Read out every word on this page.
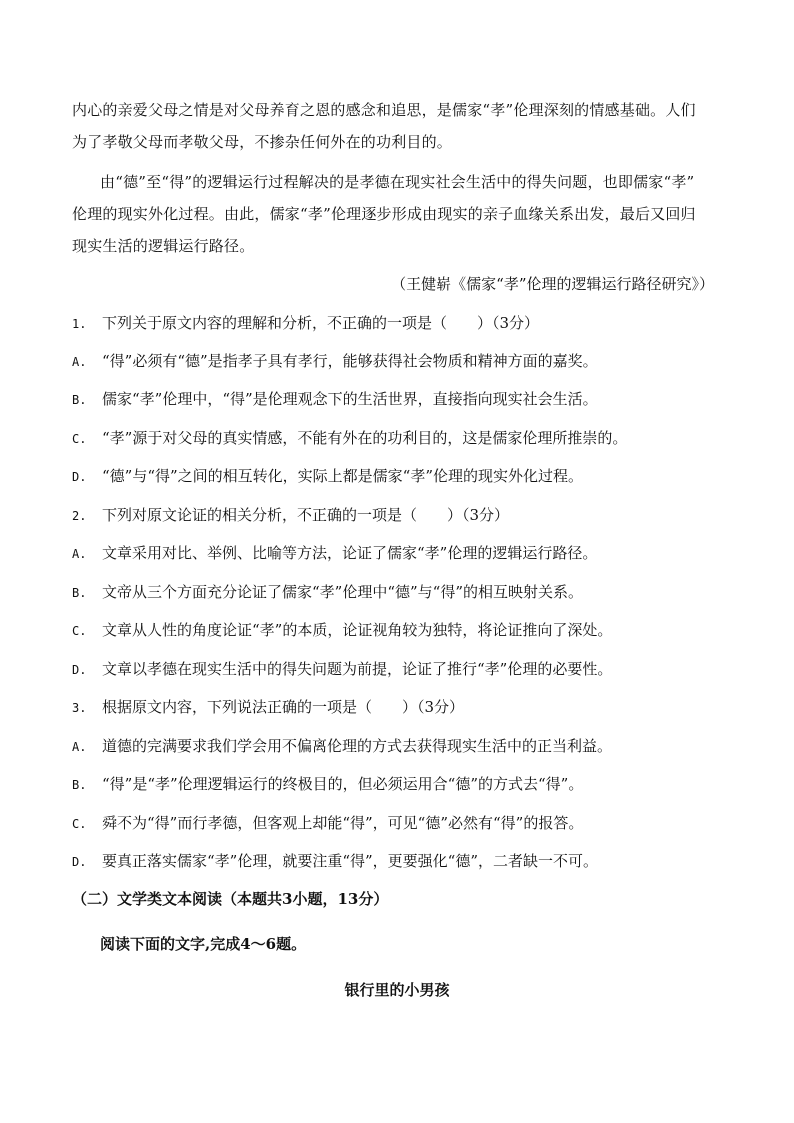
内心的亲爱父母之情是对父母养育之恩的感念和追思，是儒家“孝”伦理深刻的情感基础。人们
为了孝敬父母而孝敬父母，不掺杂任何外在的功利目的。
由“德”至“得”的逻辑运行过程解决的是孝德在现实社会生活中的得失问题，也即儒家“孝”
伦理的现实外化过程。由此，儒家“孝”伦理逐步形成由现实的亲子血缘关系出发，最后又回归
现实生活的逻辑运行路径。
（王健崭《儒家“孝”伦理的逻辑运行路径研究》）
1. 下列关于原文内容的理解和分析，不正确的一项是（　　）（3分）
A. “得”必须有“德”是指孝子具有孝行，能够获得社会物质和精神方面的嘉奖。
B. 儒家“孝”伦理中，“得”是伦理观念下的生活世界，直接指向现实社会生活。
C. “孝”源于对父母的真实情感，不能有外在的功利目的，这是儒家伦理所推崇的。
D. “德”与“得”之间的相互转化，实际上都是儒家“孝”伦理的现实外化过程。
2. 下列对原文论证的相关分析，不正确的一项是（　　）（3分）
A. 文章采用对比、举例、比喻等方法，论证了儒家“孝”伦理的逻辑运行路径。
B. 文帝从三个方面充分论证了儒家“孝”伦理中“德”与“得”的相互映射关系。
C. 文章从人性的角度论证“孝”的本质，论证视角较为独特，将论证推向了深处。
D. 文章以孝德在现实生活中的得失问题为前提，论证了推行“孝”伦理的必要性。
3. 根据原文内容，下列说法正确的一项是（　　）（3分）
A. 道德的完满要求我们学会用不偏离伦理的方式去获得现实生活中的正当利益。
B. “得”是“孝”伦理逻辑运行的终极目的，但必须运用合“德”的方式去“得”。
C. 舜不为“得”而行孝德，但客观上却能“得”，可见“德”必然有“得”的报答。
D. 要真正落实儒家“孝”伦理，就要注重“得”，更要强化“德”，二者缺一不可。
（二）文学类文本阅读（本题共3小题，13分）
阅读下面的文字,完成4～6题。
银行里的小男孩
